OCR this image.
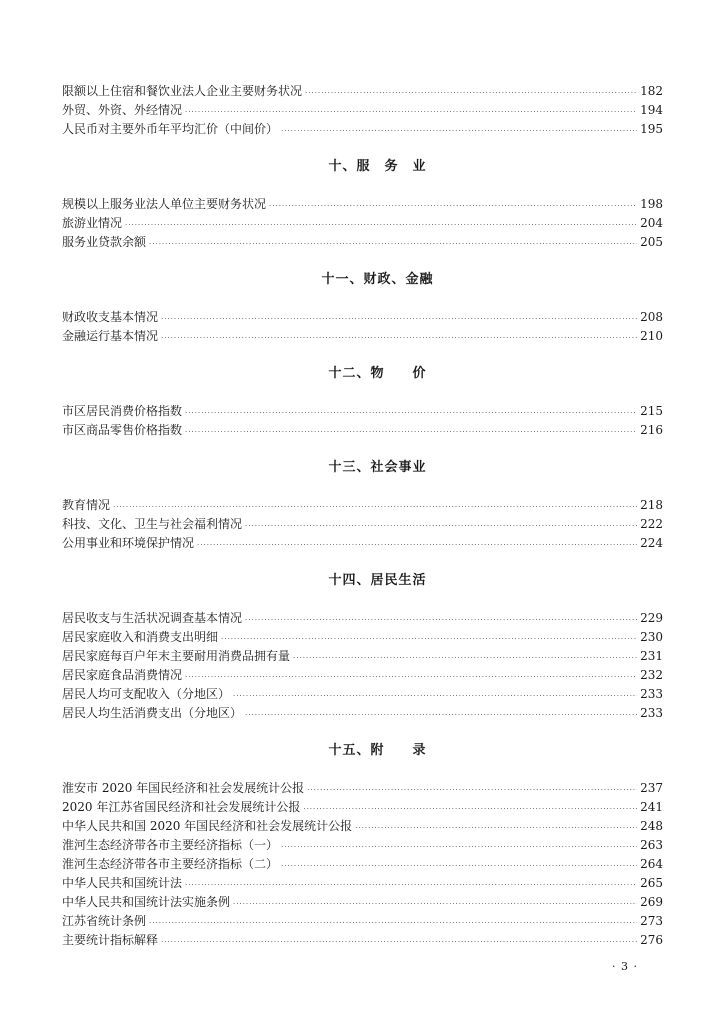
限额以上住宿和餐饮业法人企业主要财务状况 ·····	182
外贸、外资、外经情况 ·····	194
人民币对主要外币年平均汇价（中间价） ·····	195
十、服　务　业
规模以上服务业法人单位主要财务状况 ·····	198
旅游业情况 ·····	204
服务业贷款余额 ·····	205
十一、财政、金融
财政收支基本情况 ·····	208
金融运行基本情况 ·····	210
十二、物　　价
市区居民消费价格指数 ·····	215
市区商品零售价格指数 ·····	216
十三、社会事业
教育情况 ·····	218
科技、文化、卫生与社会福利情况 ·····	222
公用事业和环境保护情况 ·····	224
十四、居民生活
居民收支与生活状况调查基本情况 ·····	229
居民家庭收入和消费支出明细 ·····	230
居民家庭每百户年末主要耐用消费品拥有量 ·····	231
居民家庭食品消费情况 ·····	232
居民人均可支配收入（分地区） ·····	233
居民人均生活消费支出（分地区） ·····	233
十五、附　　录
淮安市 2020 年国民经济和社会发展统计公报 ·····	237
2020 年江苏省国民经济和社会发展统计公报 ·····	241
中华人民共和国 2020 年国民经济和社会发展统计公报 ·····	248
淮河生态经济带各市主要经济指标（一） ·····	263
淮河生态经济带各市主要经济指标（二） ·····	264
中华人民共和国统计法 ·····	265
中华人民共和国统计法实施条例 ·····	269
江苏省统计条例 ·····	273
主要统计指标解释 ·····	276
· 3 ·
